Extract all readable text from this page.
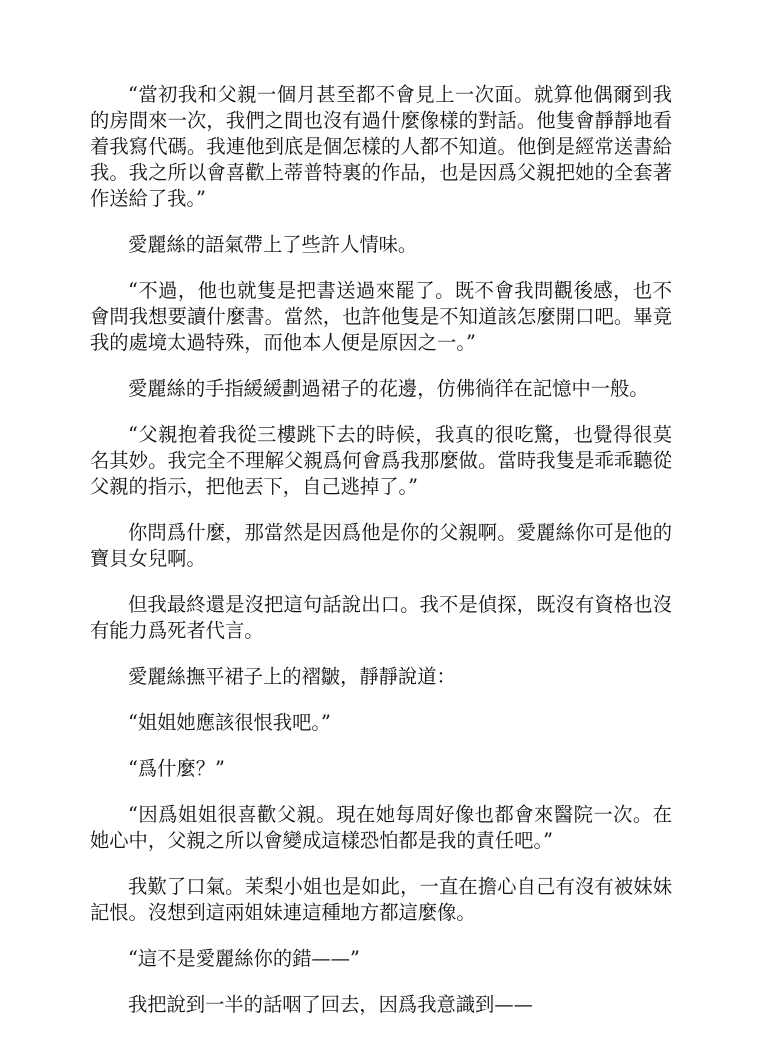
“當初我和父親一個月甚至都不會見上一次面。就算他偶爾到我的房間來一次，我們之間也沒有過什麼像樣的對話。他隻會靜靜地看着我寫代碼。我連他到底是個怎樣的人都不知道。他倒是經常送書給我。我之所以會喜歡上蒂普特裏的作品，也是因爲父親把她的全套著作送給了我。”

愛麗絲的語氣帶上了些許人情味。

“不過，他也就隻是把書送過來罷了。既不會我問觀後感，也不會問我想要讀什麼書。當然，也許他隻是不知道該怎麼開口吧。畢竟我的處境太過特殊，而他本人便是原因之一。”

愛麗絲的手指緩緩劃過裙子的花邊，仿佛徜徉在記憶中一般。

“父親抱着我從三樓跳下去的時候，我真的很吃驚，也覺得很莫名其妙。我完全不理解父親爲何會爲我那麼做。當時我隻是乖乖聽從父親的指示，把他丟下，自己逃掉了。”

你問爲什麼，那當然是因爲他是你的父親啊。愛麗絲你可是他的寶貝女兒啊。

但我最終還是沒把這句話說出口。我不是偵探，既沒有資格也沒有能力爲死者代言。

愛麗絲撫平裙子上的褶皺，靜靜說道：

“姐姐她應該很恨我吧。”

“爲什麼？”

“因爲姐姐很喜歡父親。現在她每周好像也都會來醫院一次。在她心中，父親之所以會變成這樣恐怕都是我的責任吧。”

我歎了口氣。茉梨小姐也是如此，一直在擔心自己有沒有被妹妹記恨。沒想到這兩姐妹連這種地方都這麼像。

“這不是愛麗絲你的錯——”

我把說到一半的話咽了回去，因爲我意識到——
